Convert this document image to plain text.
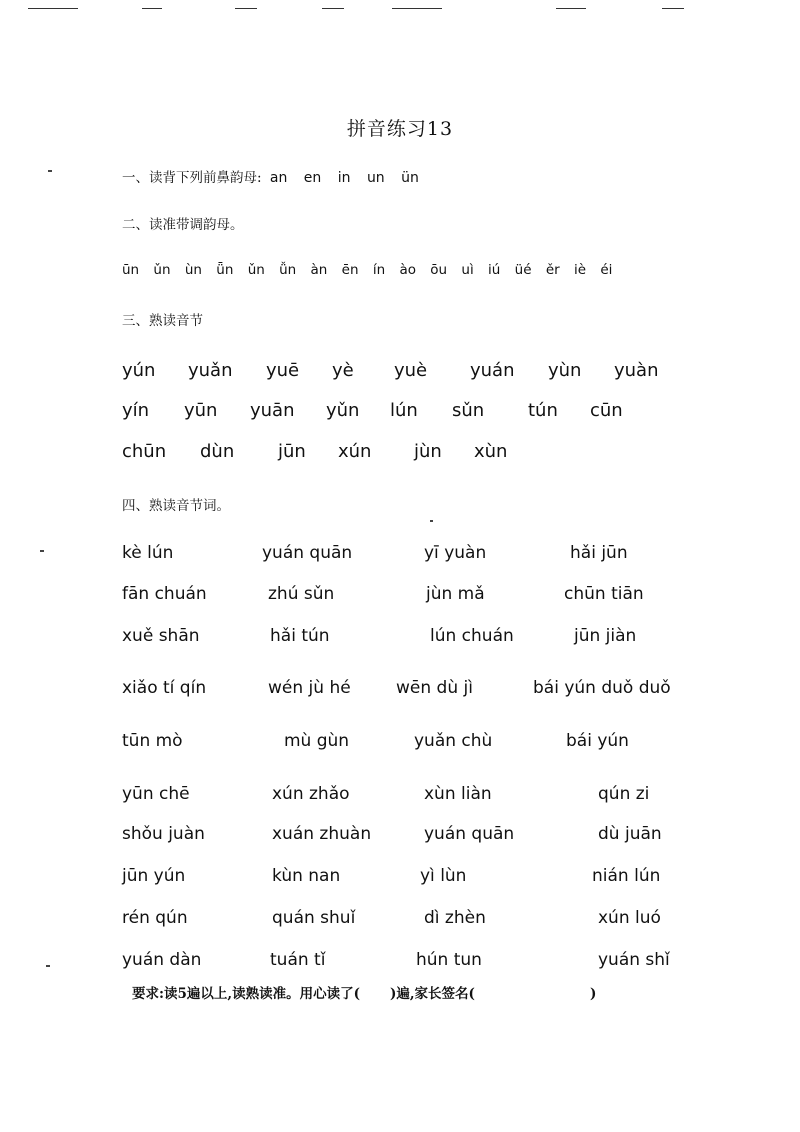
拼音练习13
一、读背下列前鼻韵母: an en in un ün
二、读准带调韵母。
ūn ǔn ùn ǖn ǔn ǚn àn ēn ín ào ōu uì iú üé ěr iè éi
三、熟读音节
yún yuǎn yuē yè yuè yuán yùn yuàn
yín yūn yuān yǔn lún sǔn tún cūn
chūn dùn jūn xún jùn xùn
四、熟读音节词。
kè lún	yuán quān	yī yuàn	hǎi jūn
fān chuán	zhú sǔn	jùn mǎ	chūn tiān
xuě shān	hǎi tún	lún chuán	jūn jiàn
xiǎo tí qín	wén jù hé	wēn dù jì	bái yún duǒ duǒ
tūn mò	mù gùn	yuǎn chù	bái yún
yūn chē	xún zhǎo	xùn liàn	qún zi
shǒu juàn	xuán zhuàn	yuán quān	dù juān
jūn yún	kùn nan	yì lùn	nián lún
rén qún	quán shuǐ	dì zhèn	xún luó
yuán dàn	tuán tǐ	hún tun	yuán shǐ
要求:读5遍以上,读熟读准。用心读了( )遍,家长签名(	)
